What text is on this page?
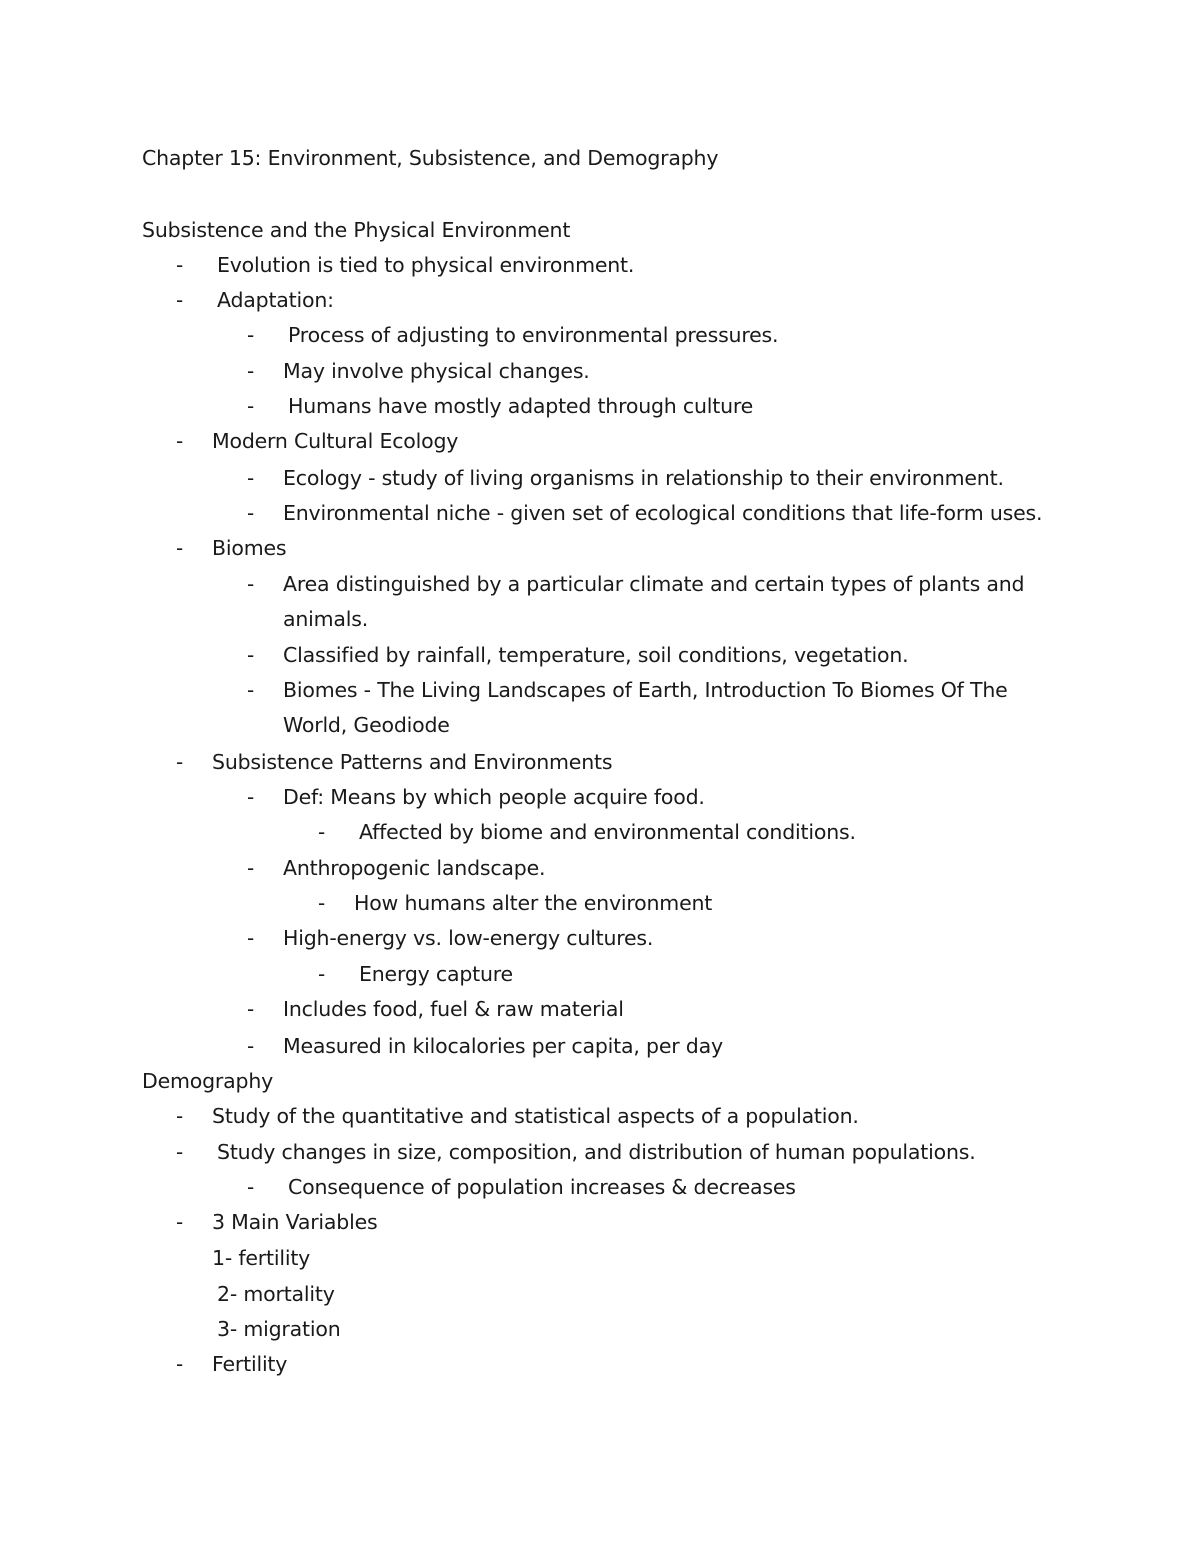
Chapter 15: Environment, Subsistence, and Demography
Subsistence and the Physical Environment
- Evolution is tied to physical environment.
- Adaptation:
- Process of adjusting to environmental pressures.
- May involve physical changes.
- Humans have mostly adapted through culture
- Modern Cultural Ecology
- Ecology - study of living organisms in relationship to their environment.
- Environmental niche - given set of ecological conditions that life-form uses.
- Biomes
- Area distinguished by a particular climate and certain types of plants and
animals.
- Classified by rainfall, temperature, soil conditions, vegetation.
- Biomes - The Living Landscapes of Earth, Introduction To Biomes Of The
World, Geodiode
- Subsistence Patterns and Environments
- Def: Means by which people acquire food.
- Affected by biome and environmental conditions.
- Anthropogenic landscape.
- How humans alter the environment
- High-energy vs. low-energy cultures.
- Energy capture
- Includes food, fuel & raw material
- Measured in kilocalories per capita, per day
Demography
- Study of the quantitative and statistical aspects of a population.
- Study changes in size, composition, and distribution of human populations.
- Consequence of population increases & decreases
- 3 Main Variables
1- fertility
2- mortality
3- migration
- Fertility
